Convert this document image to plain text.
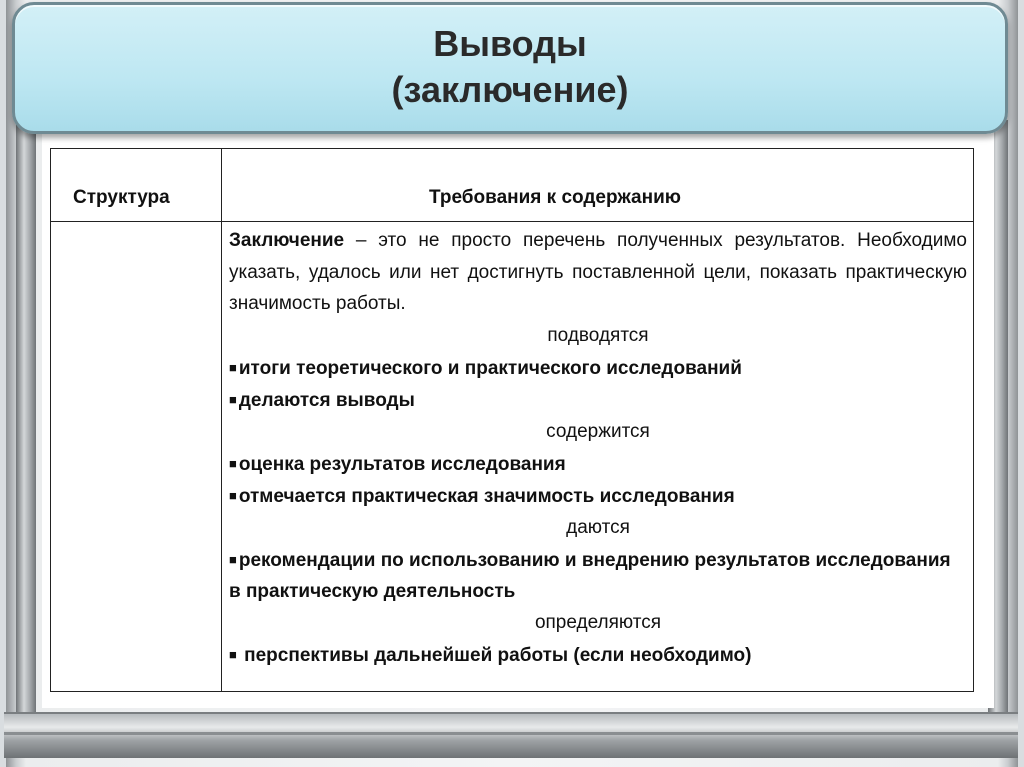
Выводы
(заключение)
Структура	Требования к содержанию

Заключение – это не просто перечень полученных результатов. Необходимо указать, удалось или нет достигнуть поставленной цели, показать практическую значимость работы.

подводятся

■ итоги теоретического и практического исследований

■ делаются выводы

содержится

■ оценка результатов исследования

■ отмечается практическая значимость исследования

даются

■ рекомендации по использованию и внедрению результатов исследования в практическую деятельность

определяются

■ перспективы дальнейшей работы (если необходимо)
